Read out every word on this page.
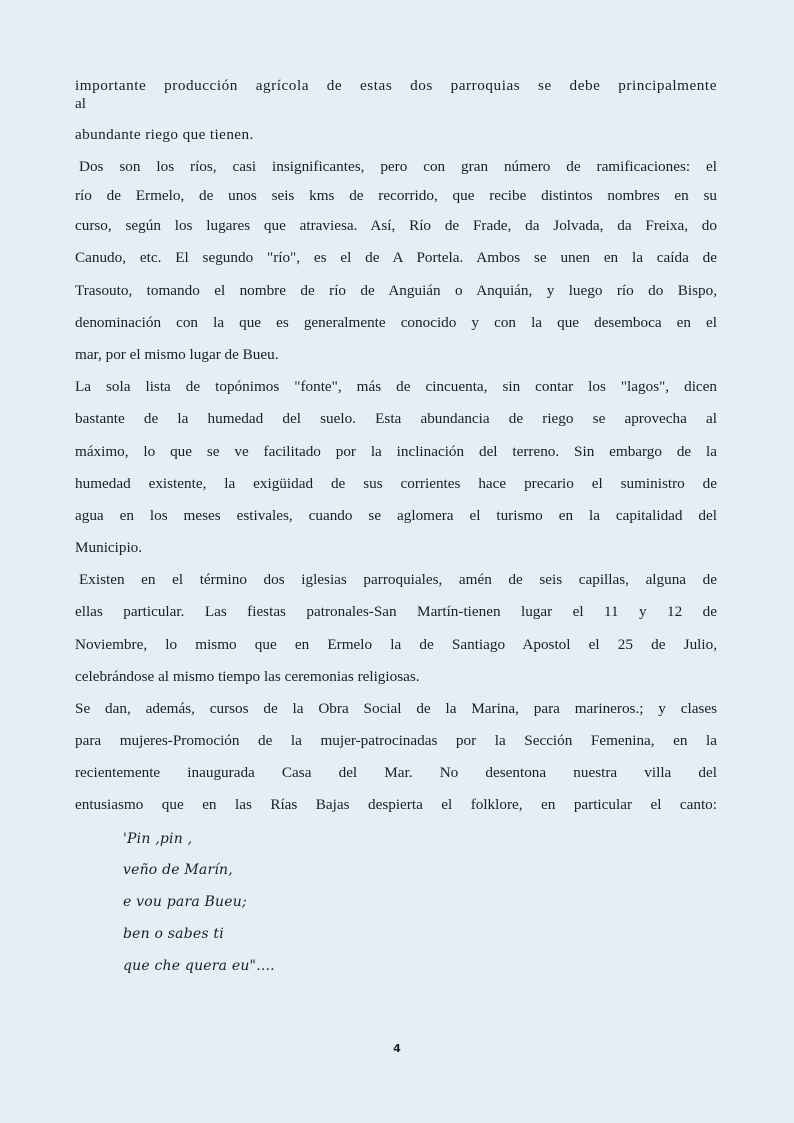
importante producción agrícola de estas dos parroquias se debe principalmente
al
abundante riego que tienen.
Dos son los ríos, casi insignificantes, pero con gran número de ramificaciones: el
río de Ermelo, de unos seis kms de recorrido, que recibe distintos nombres en su
curso, según los lugares que atraviesa. Así, Río de Frade, da Jolvada, da Freixa, do
Canudo, etc. El segundo "río", es el de A Portela. Ambos se unen en la caída de
Trasouto, tomando el nombre de río de Anguián o Anquián, y luego río do Bispo,
denominación con la que es generalmente conocido y con la que desemboca en el
mar, por el mismo lugar de Bueu.
La sola lista de topónimos "fonte", más de cincuenta, sin contar los "lagos", dicen
bastante de la humedad del suelo. Esta abundancia de riego se aprovecha al
máximo, lo que se ve facilitado por la inclinación del terreno. Sin embargo de la
humedad existente, la exigüidad de sus corrientes hace precario el suministro de
agua en los meses estivales, cuando se aglomera el turismo en la capitalidad del
Municipio.
Existen en el término dos iglesias parroquiales, amén de seis capillas, alguna de
ellas particular. Las fiestas patronales-San Martín-tienen lugar el 11 y 12 de
Noviembre, lo mismo que en Ermelo la de Santiago Apostol el 25 de Julio,
celebrándose al mismo tiempo las ceremonias religiosas.
Se dan, además, cursos de la Obra Social de la Marina, para marineros.; y clases
para mujeres-Promoción de la mujer-patrocinadas por la Sección Femenina, en la
recientemente inaugurada Casa del Mar. No desentona nuestra villa del
entusiasmo que en las Rías Bajas despierta el folklore, en particular el canto:
'Pin ,pin ,
veño de Marín,
e vou para Bueu;
ben o sabes ti
que che quera eu"....
4
